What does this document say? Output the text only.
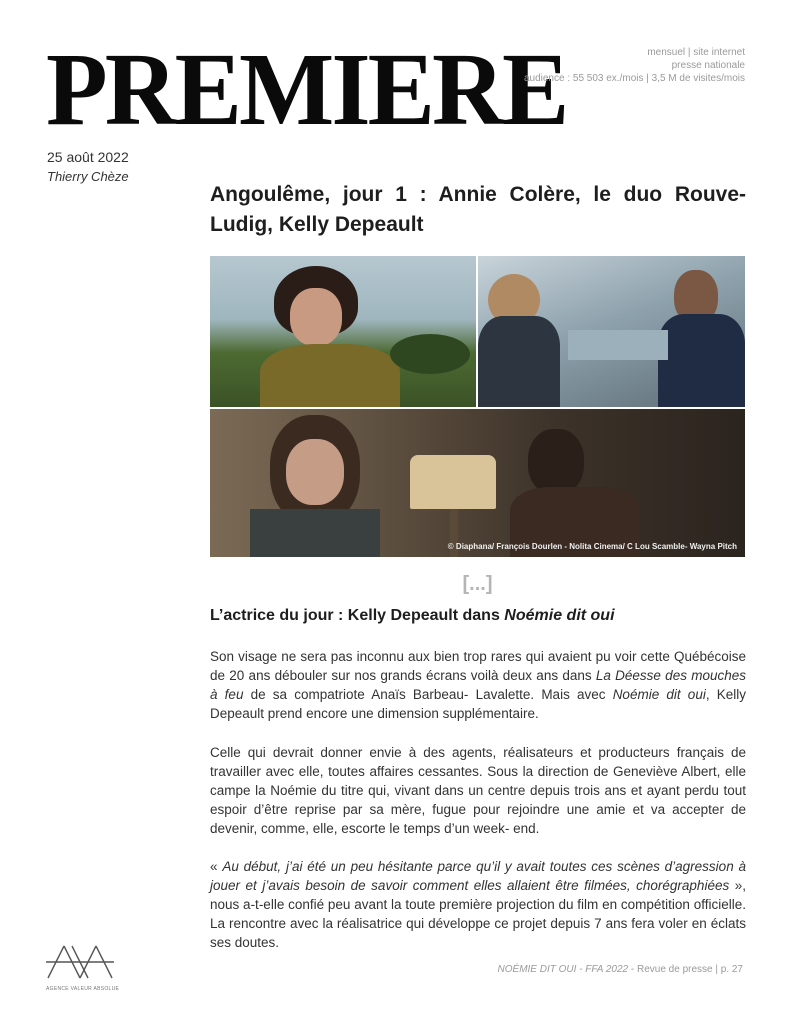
PREMIERE	mensuel | site internet
presse nationale
audience : 55 503 ex./mois | 3,5 M de visites/mois
25 août 2022
Thierry Chèze
Angoulême, jour 1 : Annie Colère, le duo Rouve- Ludig, Kelly Depeault
© Diaphana/ François Dourlen - Nolita Cinema/ C Lou Scamble- Wayna Pitch
[...]
L’actrice du jour : Kelly Depeault dans Noémie dit oui

Son visage ne sera pas inconnu aux bien trop rares qui avaient pu voir cette Québécoise de 20 ans débouler sur nos grands écrans voilà deux ans dans La Déesse des mouches à feu de sa compatriote Anaïs Barbeau- Lavalette. Mais avec Noémie dit oui, Kelly Depeault prend encore une dimension supplémentaire.

Celle qui devrait donner envie à des agents, réalisateurs et producteurs français de travailler avec elle, toutes affaires cessantes. Sous la direction de Geneviève Albert, elle campe la Noémie du titre qui, vivant dans un centre depuis trois ans et ayant perdu tout espoir d’être reprise par sa mère, fugue pour rejoindre une amie et va accepter de devenir, comme, elle, escorte le temps d’un week- end.

« Au début, j’ai été un peu hésitante parce qu’il y avait toutes ces scènes d’agression à jouer et j’avais besoin de savoir comment elles allaient être filmées, chorégraphiées », nous a-t-elle confié peu avant la toute première projection du film en compétition officielle. La rencontre avec la réalisatrice qui développe ce projet depuis 7 ans fera voler en éclats ses doutes.

AGENCE VALEUR ABSOLUE
NOÉMIE DIT OUI - FFA 2022 - Revue de presse | p. 27
